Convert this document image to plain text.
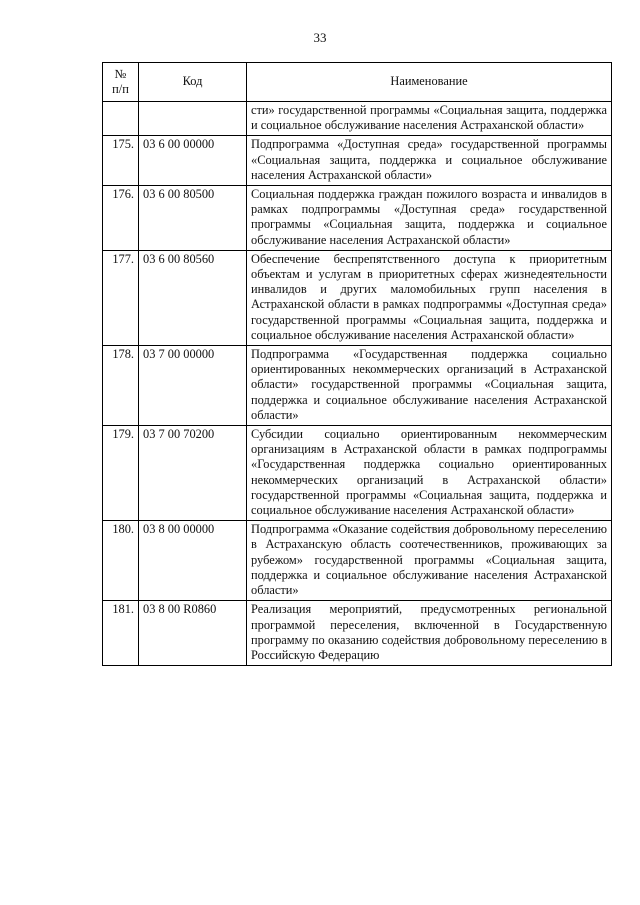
33
№
п/п	Код	Наименование
		сти» государственной программы «Социальная защита, поддержка и социальное обслуживание населения Астраханской области»
175.	03 6 00 00000	Подпрограмма «Доступная среда» государственной программы «Социальная защита, поддержка и социальное обслуживание населения Астраханской области»
176.	03 6 00 80500	Социальная поддержка граждан пожилого возраста и инвалидов в рамках подпрограммы «Доступная среда» государственной программы «Социальная защита, поддержка и социальное обслуживание населения Астраханской области»
177.	03 6 00 80560	Обеспечение беспрепятственного доступа к приоритетным объектам и услугам в приоритетных сферах жизнедеятельности инвалидов и других маломобильных групп населения в Астраханской области в рамках подпрограммы «Доступная среда» государственной программы «Социальная защита, поддержка и социальное обслуживание населения Астраханской области»
178.	03 7 00 00000	Подпрограмма «Государственная поддержка социально ориентированных некоммерческих организаций в Астраханской области» государственной программы «Социальная защита, поддержка и социальное обслуживание населения Астраханской области»
179.	03 7 00 70200	Субсидии социально ориентированным некоммерческим организациям в Астраханской области в рамках подпрограммы «Государственная поддержка социально ориентированных некоммерческих организаций в Астраханской области» государственной программы «Социальная защита, поддержка и социальное обслуживание населения Астраханской области»
180.	03 8 00 00000	Подпрограмма «Оказание содействия добровольному переселению в Астраханскую область соотечественников, проживающих за рубежом» государственной программы «Социальная защита, поддержка и социальное обслуживание населения Астраханской области»
181.	03 8 00 R0860	Реализация мероприятий, предусмотренных региональной программой переселения, включенной в Государственную программу по оказанию содействия добровольному переселению в Российскую Федерацию
